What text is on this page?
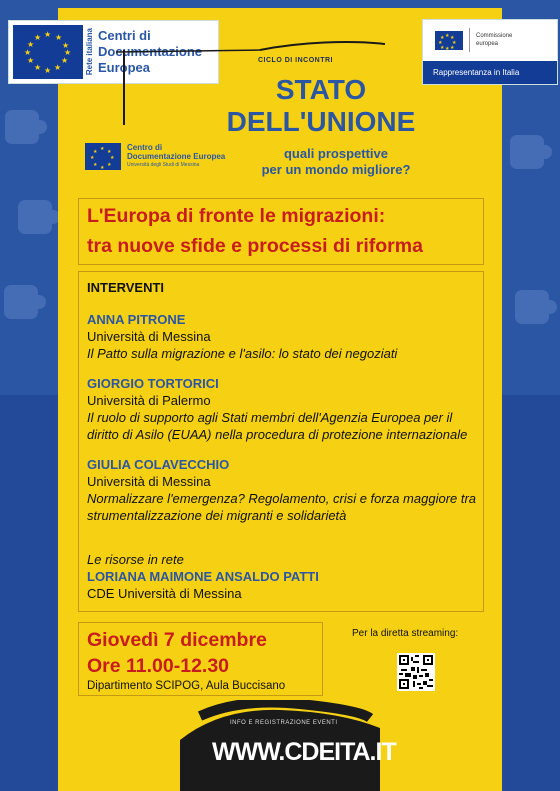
★ ★
★
★
★
★
★
★
★
★
★
★	Rete italiana Centri di
Documentazione
Europea
★ ★
★
★
★
★
★
★	Commissione
europea
Rappresentanza in Italia
CICLO DI INCONTRI
STATO
DELL'UNIONE
quali prospettive
per un mondo migliore?
★ ★
★
★
★
★
★
★	Centro di
Documentazione Europea
Università degli Studi di Messina
L'Europa di fronte le migrazioni:
tra nuove sfide e processi di riforma
INTERVENTI
ANNA PITRONE
Università di Messina
Il Patto sulla migrazione e l'asilo: lo stato dei negoziati
GIORGIO TORTORICI
Università di Palermo
Il ruolo di supporto agli Stati membri dell'Agenzia Europea per il
diritto di Asilo (EUAA) nella procedura di protezione internazionale
GIULIA COLAVECCHIO
Università di Messina
Normalizzare l'emergenza? Regolamento, crisi e forza maggiore tra
strumentalizzazione dei migranti e solidarietà
Le risorse in rete
LORIANA MAIMONE ANSALDO PATTI
CDE Università di Messina
Giovedì 7 dicembre
Ore 11.00-12.30
Dipartimento SCIPOG, Aula Buccisano
Per la diretta streaming:
INFO E REGISTRAZIONE EVENTI
WWW.CDEITA.IT
